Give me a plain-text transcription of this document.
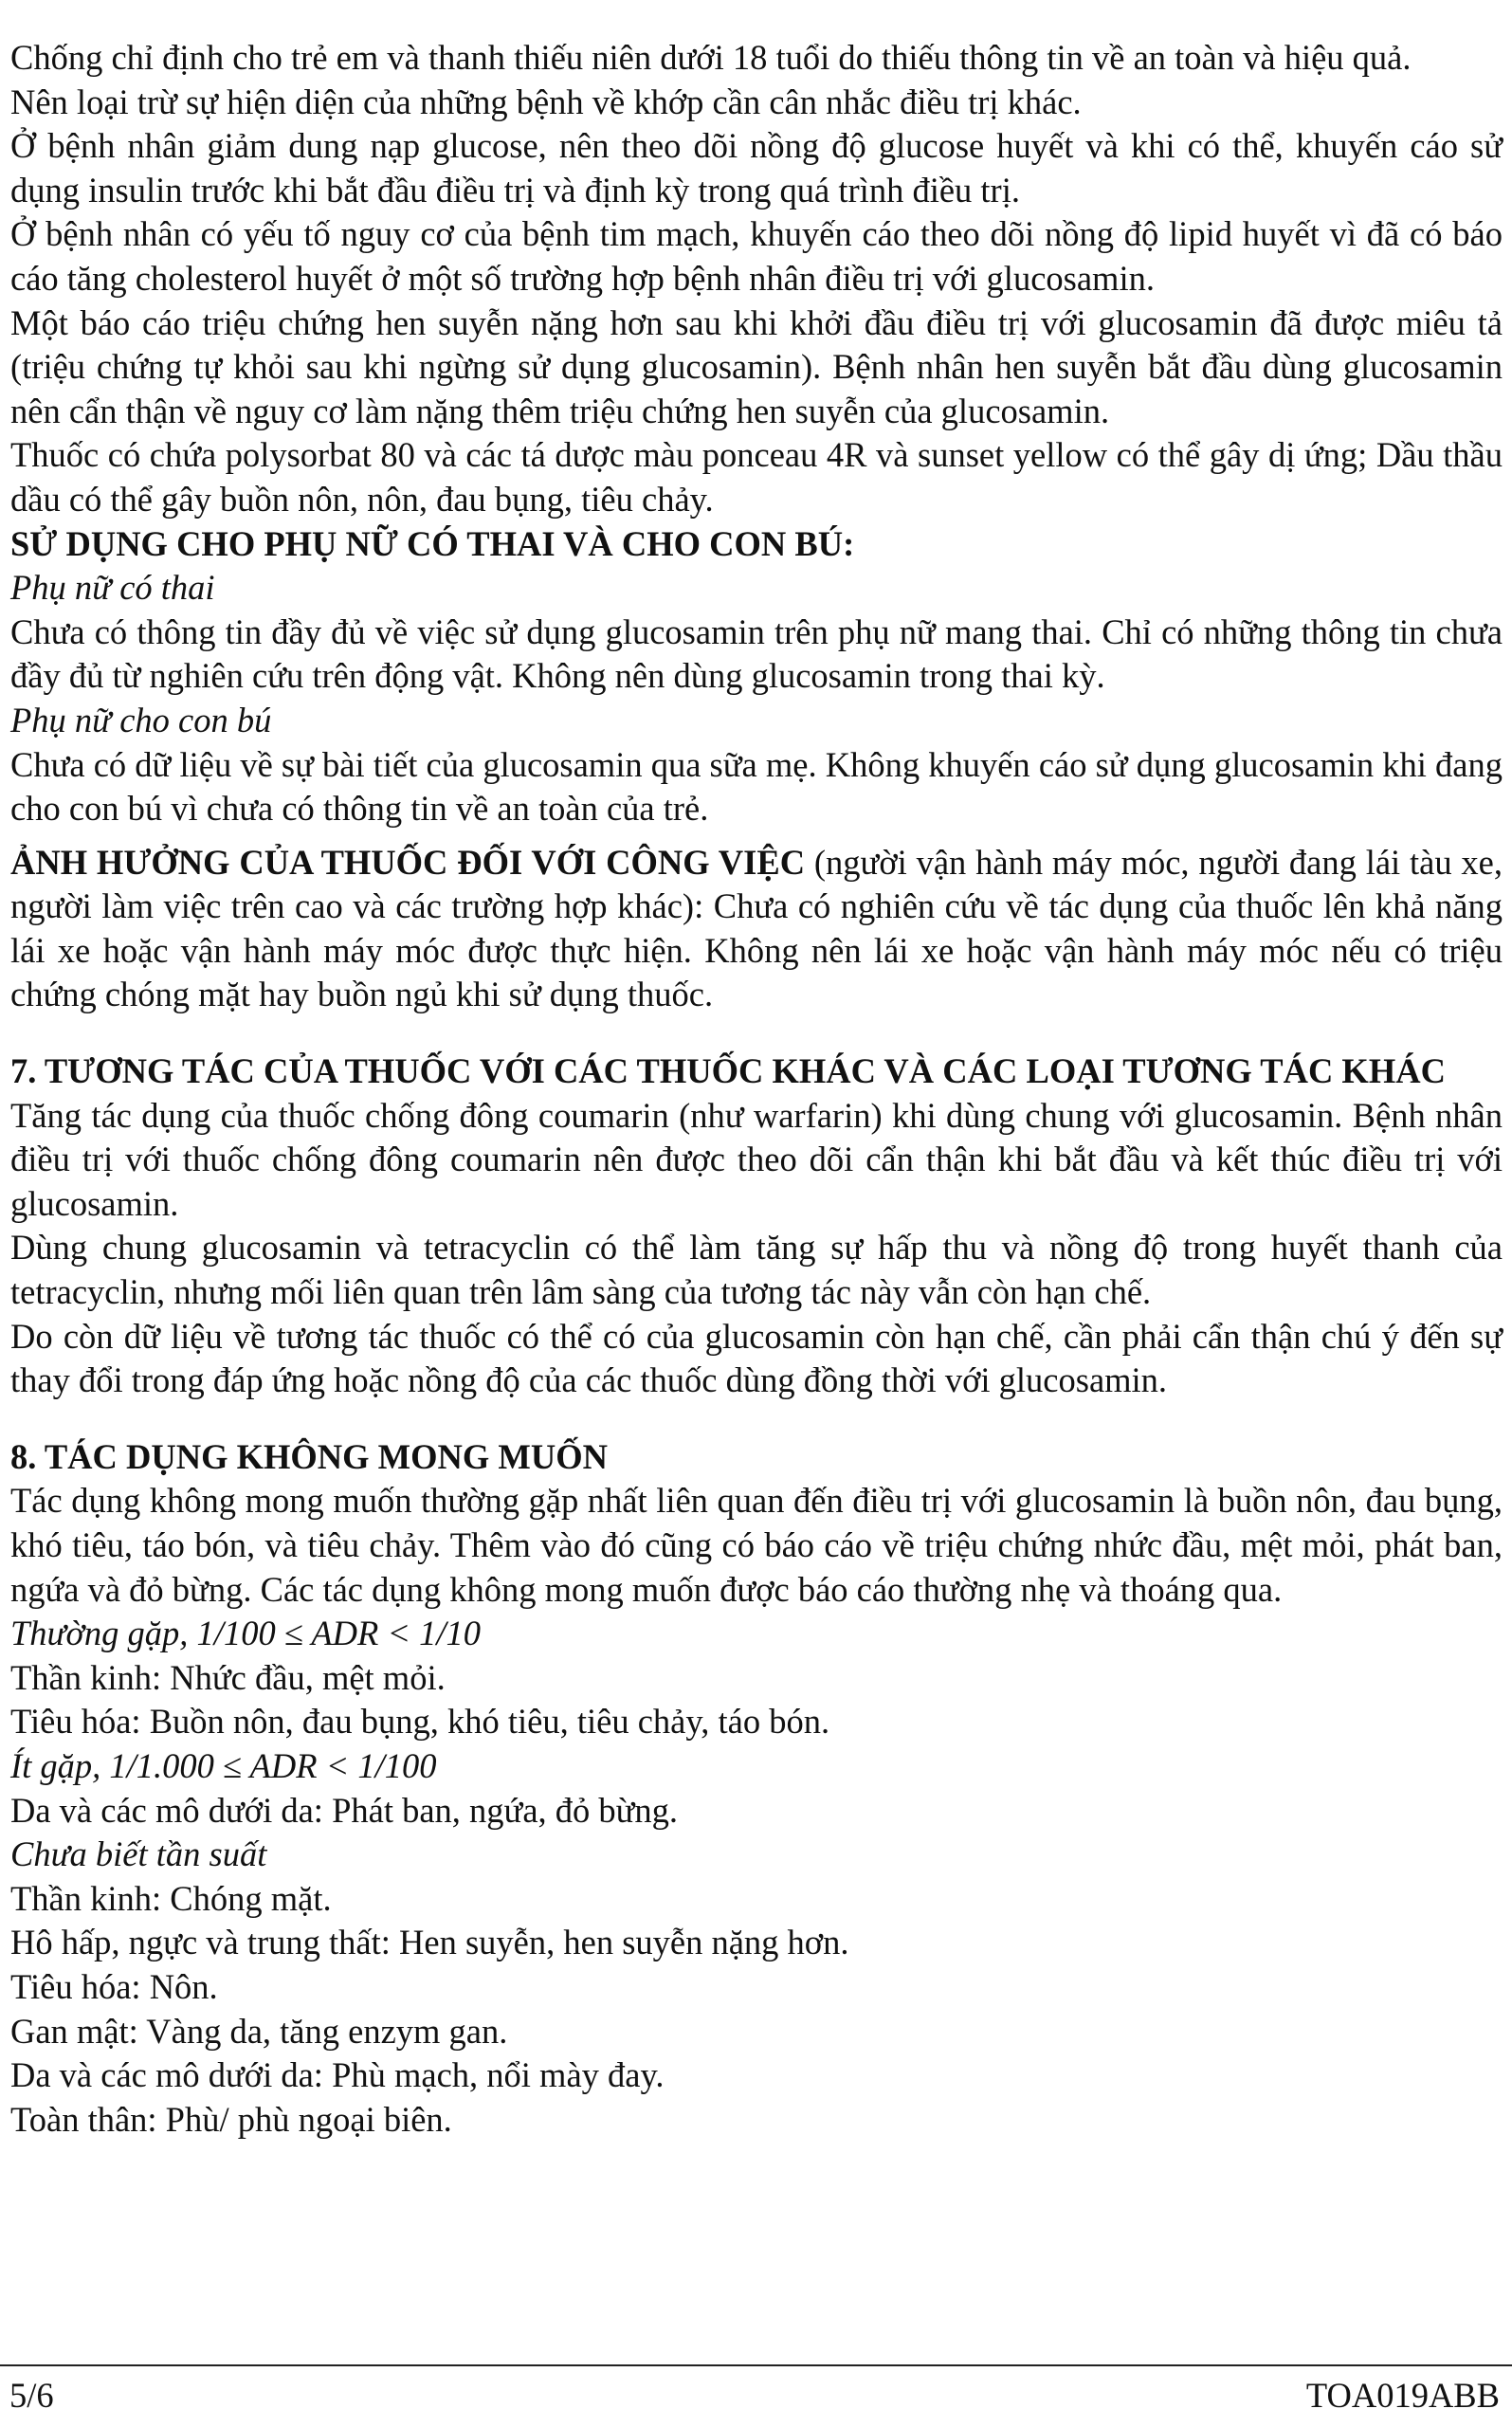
Chống chỉ định cho trẻ em và thanh thiếu niên dưới 18 tuổi do thiếu thông tin về an toàn và hiệu quả.

Nên loại trừ sự hiện diện của những bệnh về khớp cần cân nhắc điều trị khác.

Ở bệnh nhân giảm dung nạp glucose, nên theo dõi nồng độ glucose huyết và khi có thể, khuyến cáo sử dụng insulin trước khi bắt đầu điều trị và định kỳ trong quá trình điều trị.

Ở bệnh nhân có yếu tố nguy cơ của bệnh tim mạch, khuyến cáo theo dõi nồng độ lipid huyết vì đã có báo cáo tăng cholesterol huyết ở một số trường hợp bệnh nhân điều trị với glucosamin.

Một báo cáo triệu chứng hen suyễn nặng hơn sau khi khởi đầu điều trị với glucosamin đã được miêu tả (triệu chứng tự khỏi sau khi ngừng sử dụng glucosamin). Bệnh nhân hen suyễn bắt đầu dùng glucosamin nên cẩn thận về nguy cơ làm nặng thêm triệu chứng hen suyễn của glucosamin.

Thuốc có chứa polysorbat 80 và các tá dược màu ponceau 4R và sunset yellow có thể gây dị ứng; Dầu thầu dầu có thể gây buồn nôn, nôn, đau bụng, tiêu chảy.

SỬ DỤNG CHO PHỤ NỮ CÓ THAI VÀ CHO CON BÚ:

Phụ nữ có thai

Chưa có thông tin đầy đủ về việc sử dụng glucosamin trên phụ nữ mang thai. Chỉ có những thông tin chưa đầy đủ từ nghiên cứu trên động vật. Không nên dùng glucosamin trong thai kỳ.

Phụ nữ cho con bú

Chưa có dữ liệu về sự bài tiết của glucosamin qua sữa mẹ. Không khuyến cáo sử dụng glucosamin khi đang cho con bú vì chưa có thông tin về an toàn của trẻ.

ẢNH HƯỞNG CỦA THUỐC ĐỐI VỚI CÔNG VIỆC (người vận hành máy móc, người đang lái tàu xe, người làm việc trên cao và các trường hợp khác): Chưa có nghiên cứu về tác dụng của thuốc lên khả năng lái xe hoặc vận hành máy móc được thực hiện. Không nên lái xe hoặc vận hành máy móc nếu có triệu chứng chóng mặt hay buồn ngủ khi sử dụng thuốc.

7. TƯƠNG TÁC CỦA THUỐC VỚI CÁC THUỐC KHÁC VÀ CÁC LOẠI TƯƠNG TÁC KHÁC

Tăng tác dụng của thuốc chống đông coumarin (như warfarin) khi dùng chung với glucosamin. Bệnh nhân điều trị với thuốc chống đông coumarin nên được theo dõi cẩn thận khi bắt đầu và kết thúc điều trị với glucosamin.

Dùng chung glucosamin và tetracyclin có thể làm tăng sự hấp thu và nồng độ trong huyết thanh của tetracyclin, nhưng mối liên quan trên lâm sàng của tương tác này vẫn còn hạn chế.

Do còn dữ liệu về tương tác thuốc có thể có của glucosamin còn hạn chế, cần phải cẩn thận chú ý đến sự thay đổi trong đáp ứng hoặc nồng độ của các thuốc dùng đồng thời với glucosamin.

8. TÁC DỤNG KHÔNG MONG MUỐN

Tác dụng không mong muốn thường gặp nhất liên quan đến điều trị với glucosamin là buồn nôn, đau bụng, khó tiêu, táo bón, và tiêu chảy. Thêm vào đó cũng có báo cáo về triệu chứng nhức đầu, mệt mỏi, phát ban, ngứa và đỏ bừng. Các tác dụng không mong muốn được báo cáo thường nhẹ và thoáng qua.

Thường gặp, 1/100 ≤ ADR < 1/10

Thần kinh: Nhức đầu, mệt mỏi.

Tiêu hóa: Buồn nôn, đau bụng, khó tiêu, tiêu chảy, táo bón.

Ít gặp, 1/1.000 ≤ ADR < 1/100

Da và các mô dưới da: Phát ban, ngứa, đỏ bừng.

Chưa biết tần suất

Thần kinh: Chóng mặt.

Hô hấp, ngực và trung thất: Hen suyễn, hen suyễn nặng hơn.

Tiêu hóa: Nôn.

Gan mật: Vàng da, tăng enzym gan.

Da và các mô dưới da: Phù mạch, nổi mày đay.

Toàn thân: Phù/ phù ngoại biên.

5/6	TOA019ABB
